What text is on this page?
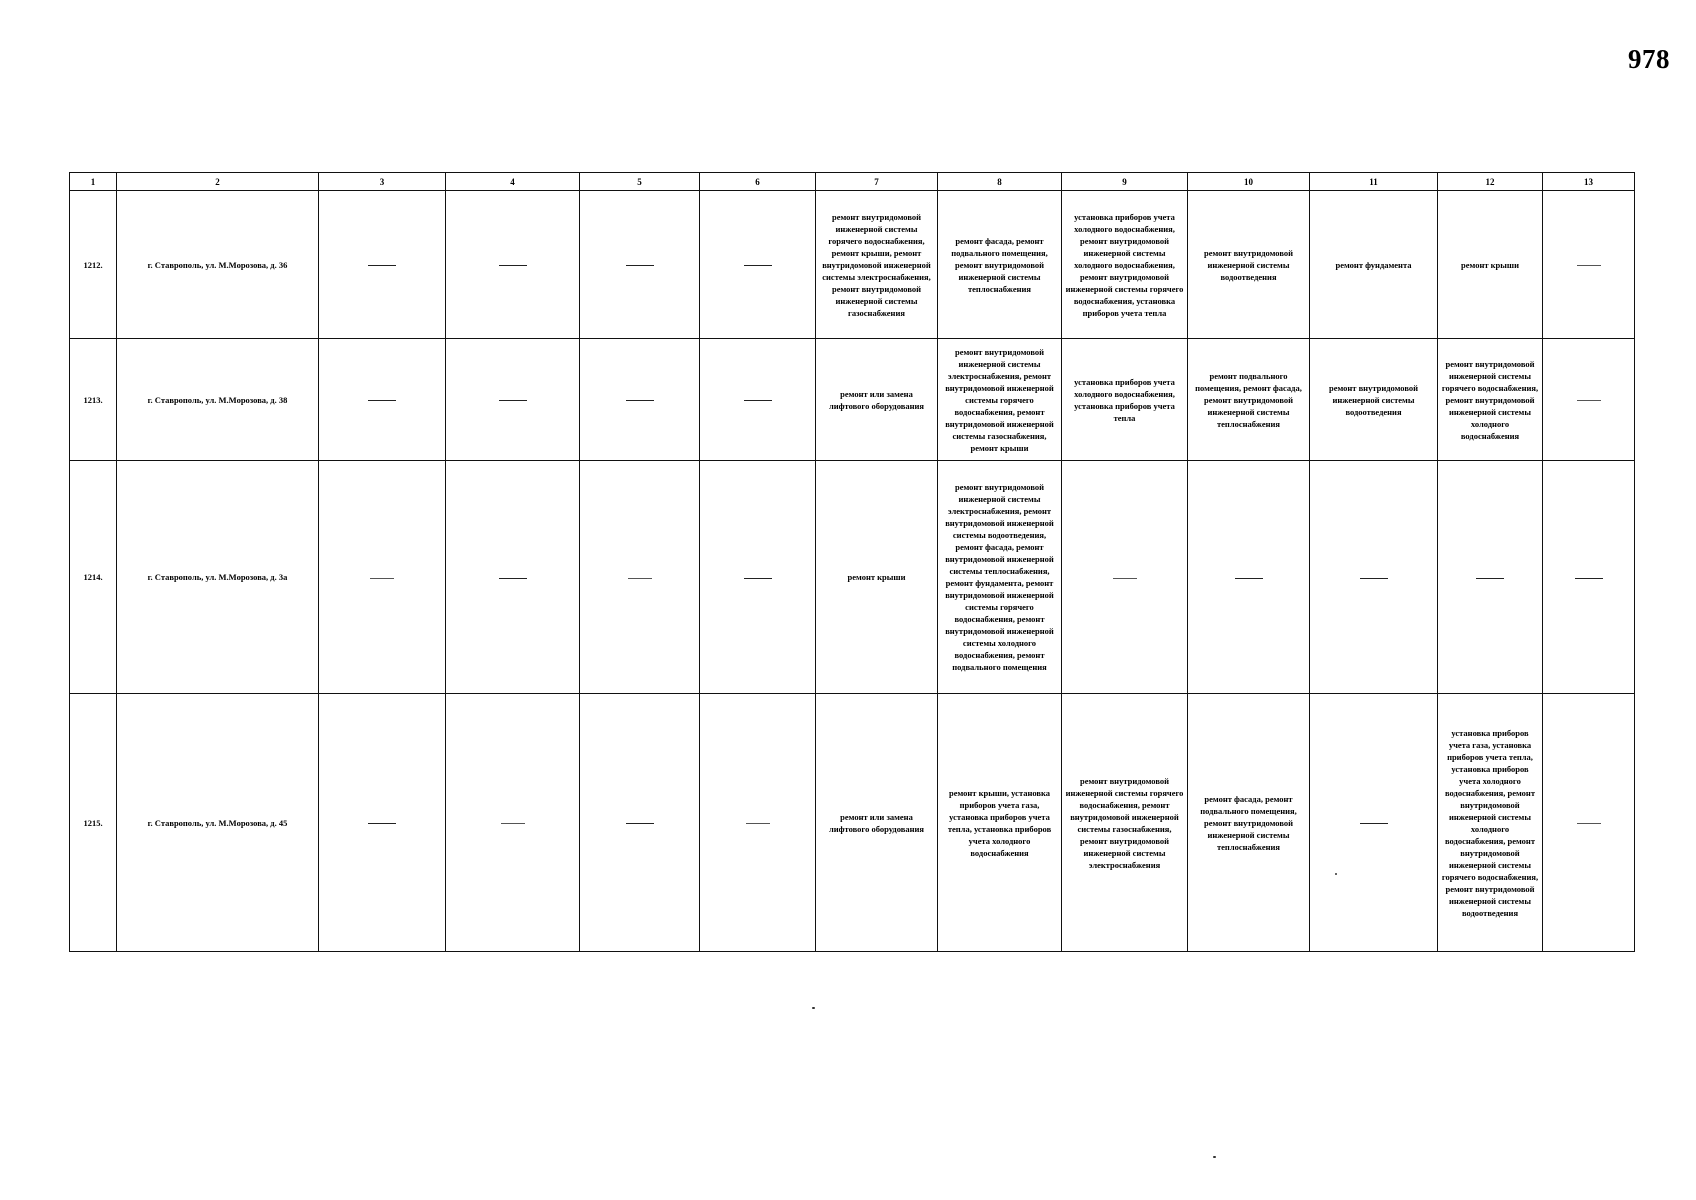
978
1	2	3	4	5	6	7	8	9	10	11	12	13
1212.	г. Ставрополь, ул. М.Морозова, д. 36					ремонт внутридомовой инженерной системы горячего водоснабжения, ремонт крыши, ремонт внутридомовой инженерной системы электроснабжения, ремонт внутридомовой инженерной системы газоснабжения	ремонт фасада, ремонт подвального помещения, ремонт внутридомовой инженерной системы теплоснабжения	установка приборов учета холодного водоснабжения, ремонт внутридомовой инженерной системы холодного водоснабжения, ремонт внутридомовой инженерной системы горячего водоснабжения, установка приборов учета тепла	ремонт внутридомовой инженерной системы водоотведения	ремонт фундамента	ремонт крыши	
1213.	г. Ставрополь, ул. М.Морозова, д. 38					ремонт или замена лифтового оборудования	ремонт внутридомовой инженерной системы электроснабжения, ремонт внутридомовой инженерной системы горячего водоснабжения, ремонт внутридомовой инженерной системы газоснабжения, ремонт крыши	установка приборов учета холодного водоснабжения, установка приборов учета тепла	ремонт подвального помещения, ремонт фасада, ремонт внутридомовой инженерной системы теплоснабжения	ремонт внутридомовой инженерной системы водоотведения	ремонт внутридомовой инженерной системы горячего водоснабжения, ремонт внутридомовой инженерной системы холодного водоснабжения	
1214.	г. Ставрополь, ул. М.Морозова, д. 3а					ремонт крыши	ремонт внутридомовой инженерной системы электроснабжения, ремонт внутридомовой инженерной системы водоотведения, ремонт фасада, ремонт внутридомовой инженерной системы теплоснабжения, ремонт фундамента, ремонт внутридомовой инженерной системы горячего водоснабжения, ремонт внутридомовой инженерной системы холодного водоснабжения, ремонт подвального помещения					
1215.	г. Ставрополь, ул. М.Морозова, д. 45					ремонт или замена лифтового оборудования	ремонт крыши, установка приборов учета газа, установка приборов учета тепла, установка приборов учета холодного водоснабжения	ремонт внутридомовой инженерной системы горячего водоснабжения, ремонт внутридомовой инженерной системы газоснабжения, ремонт внутридомовой инженерной системы электроснабжения	ремонт фасада, ремонт подвального помещения, ремонт внутридомовой инженерной системы теплоснабжения		установка приборов учета газа, установка приборов учета тепла, установка приборов учета холодного водоснабжения, ремонт внутридомовой инженерной системы холодного водоснабжения, ремонт внутридомовой инженерной системы горячего водоснабжения, ремонт внутридомовой инженерной системы водоотведения	
